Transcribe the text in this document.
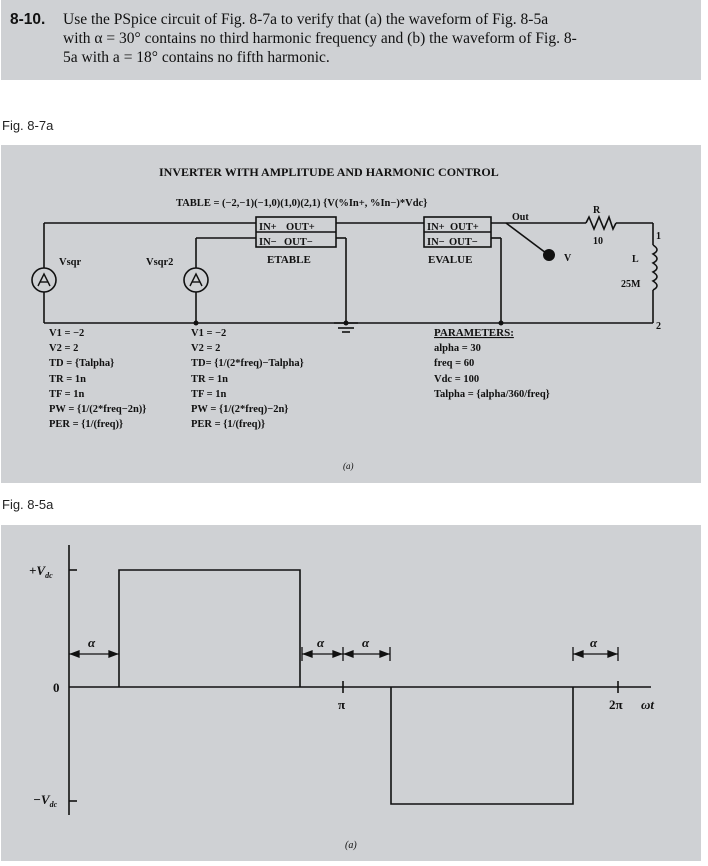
8-10. Use the PSpice circuit of Fig. 8-7a to verify that (a) the waveform of Fig. 8-5a
with α = 30° contains no third harmonic frequency and (b) the waveform of Fig. 8-
5a with a = 18° contains no fifth harmonic.
Fig. 8-7a
INVERTER WITH AMPLITUDE AND HARMONIC CONTROL
TABLE = (−2,−1)(−1,0)(1,0)(2,1) {V(%In+, %In−)*Vdc}
IN+ OUT+
IN− OUT−
ETABLE
IN+ OUT+
IN− OUT−
EVALUE
Out
R
10
V	L
25M
1
2
Vsqr	Vsqr2
V1 = −2
V2 = 2
TD = {Talpha}
TR = 1n
TF = 1n
PW = {1/(2*freq−2n)}
PER = {1/(freq)}
V1 = −2
V2 = 2
TD= {1/(2*freq)−Talpha}
TR = 1n
TF = 1n
PW = {1/(2*freq)−2n}
PER = {1/(freq)}
PARAMETERS:
alpha = 30
freq = 60
Vdc = 100
Talpha = {alpha/360/freq}
(a)
Fig. 8-5a
α	α	α	α
$+V_{dc}$
$-V_{dc}$
0
π	2π ωt
(a)
